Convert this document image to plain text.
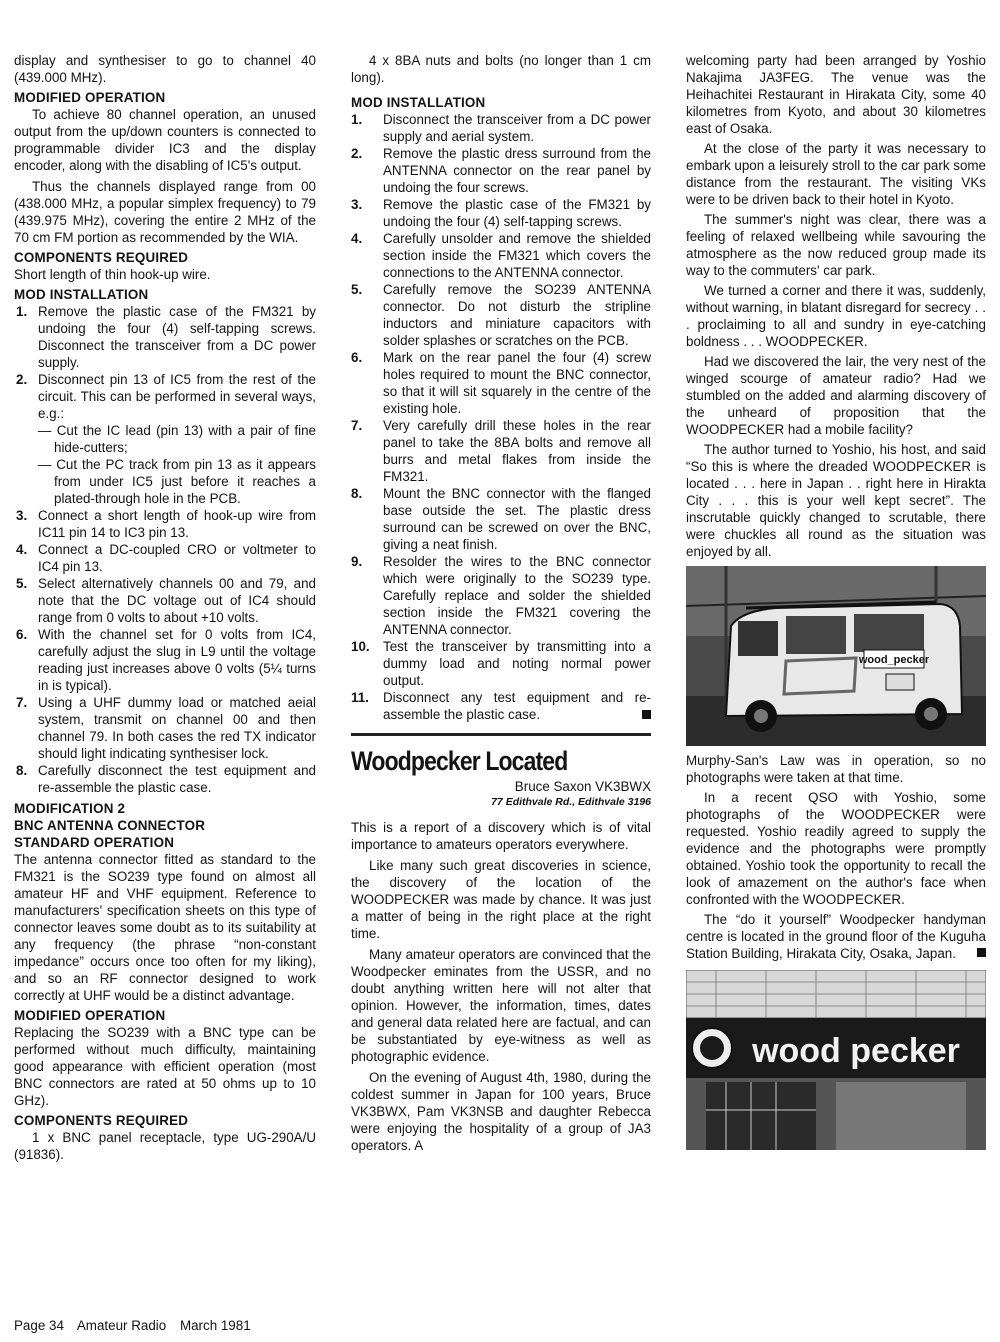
display and synthesiser to go to channel 40 (439.000 MHz).

MODIFIED OPERATION

To achieve 80 channel operation, an unused output from the up/down counters is connected to programmable divider IC3 and the display encoder, along with the disabling of IC5's output.

Thus the channels displayed range from 00 (438.000 MHz, a popular simplex frequency) to 79 (439.975 MHz), covering the entire 2 MHz of the 70 cm FM portion as recommended by the WIA.

COMPONENTS REQUIRED

Short length of thin hook-up wire.

MOD INSTALLATION
1. Remove the plastic case of the FM321 by undoing the four (4) self-tapping screws. Disconnect the transceiver from a DC power supply.
2. Disconnect pin 13 of IC5 from the rest of the circuit. This can be performed in several ways, e.g.:
— Cut the IC lead (pin 13) with a pair of fine hide-cutters;
— Cut the PC track from pin 13 as it appears from under IC5 just before it reaches a plated-through hole in the PCB.
3. Connect a short length of hook-up wire from IC11 pin 14 to IC3 pin 13.
4. Connect a DC-coupled CRO or voltmeter to IC4 pin 13.
5. Select alternatively channels 00 and 79, and note that the DC voltage out of IC4 should range from 0 volts to about +10 volts.
6. With the channel set for 0 volts from IC4, carefully adjust the slug in L9 until the voltage reading just increases above 0 volts (5¼ turns in is typical).
7. Using a UHF dummy load or matched aeial system, transmit on channel 00 and then channel 79. In both cases the red TX indicator should light indicating synthesiser lock.
8. Carefully disconnect the test equipment and re-assemble the plastic case.
MODIFICATION 2
BNC ANTENNA CONNECTOR
STANDARD OPERATION

The antenna connector fitted as standard to the FM321 is the SO239 type found on almost all amateur HF and VHF equipment. Reference to manufacturers' specification sheets on this type of connector leaves some doubt as to its suitability at any frequency (the phrase “non-constant impedance” occurs once too often for my liking), and so an RF connector designed to work correctly at UHF would be a distinct advantage.

MODIFIED OPERATION

Replacing the SO239 with a BNC type can be performed without much difficulty, maintaining good appearance with efficient operation (most BNC connectors are rated at 50 ohms up to 10 GHz).

COMPONENTS REQUIRED

1 x BNC panel receptacle, type UG-290A/U (91836).

4 x 8BA nuts and bolts (no longer than 1 cm long).

MOD INSTALLATION
1. Disconnect the transceiver from a DC power supply and aerial system.
2. Remove the plastic dress surround from the ANTENNA connector on the rear panel by undoing the four screws.
3. Remove the plastic case of the FM321 by undoing the four (4) self-tapping screws.
4. Carefully unsolder and remove the shielded section inside the FM321 which covers the connections to the ANTENNA connector.
5. Carefully remove the SO239 ANTENNA connector. Do not disturb the stripline inductors and miniature capacitors with solder splashes or scratches on the PCB.
6. Mark on the rear panel the four (4) screw holes required to mount the BNC connector, so that it will sit squarely in the centre of the existing hole.
7. Very carefully drill these holes in the rear panel to take the 8BA bolts and remove all burrs and metal flakes from inside the FM321.
8. Mount the BNC connector with the flanged base outside the set. The plastic dress surround can be screwed on over the BNC, giving a neat finish.
9. Resolder the wires to the BNC connector which were originally to the SO239 type. Carefully replace and solder the shielded section inside the FM321 covering the ANTENNA connector.
10. Test the transceiver by transmitting into a dummy load and noting normal power output.
11. Disconnect any test equipment and re-assemble the plastic case.
Woodpecker Located
Bruce Saxon VK3BWX
77 Edithvale Rd., Edithvale 3196

This is a report of a discovery which is of vital importance to amateurs operators everywhere.

Like many such great discoveries in science, the discovery of the location of the WOODPECKER was made by chance. It was just a matter of being in the right place at the right time.

Many amateur operators are convinced that the Woodpecker eminates from the USSR, and no doubt anything written here will not alter that opinion. However, the information, times, dates and general data related here are factual, and can be substantiated by eye-witness as well as photographic evidence.

On the evening of August 4th, 1980, during the coldest summer in Japan for 100 years, Bruce VK3BWX, Pam VK3NSB and daughter Rebecca were enjoying the hospitality of a group of JA3 operators. A

welcoming party had been arranged by Yoshio Nakajima JA3FEG. The venue was the Heihachitei Restaurant in Hirakata City, some 40 kilometres from Kyoto, and about 30 kilometres east of Osaka.

At the close of the party it was necessary to embark upon a leisurely stroll to the car park some distance from the restaurant. The visiting VKs were to be driven back to their hotel in Kyoto.

The summer's night was clear, there was a feeling of relaxed wellbeing while savouring the atmosphere as the now reduced group made its way to the commuters' car park.

We turned a corner and there it was, suddenly, without warning, in blatant disregard for secrecy . . . proclaiming to all and sundry in eye-catching boldness . . . WOODPECKER.

Had we discovered the lair, the very nest of the winged scourge of amateur radio? Had we stumbled on the added and alarming discovery of the unheard of proposition that the WOODPECKER had a mobile facility?

The author turned to Yoshio, his host, and said “So this is where the dreaded WOODPECKER is located . . . here in Japan . . right here in Hirakta City . . . this is your well kept secret”. The inscrutable quickly changed to scrutable, there were chuckles all round as the situation was enjoyed by all.

wood_pecker

Murphy-San's Law was in operation, so no photographs were taken at that time.

In a recent QSO with Yoshio, some photographs of the WOODPECKER were requested. Yoshio readily agreed to supply the evidence and the photographs were promptly obtained. Yoshio took the opportunity to recall the look of amazement on the author's face when confronted with the WOODPECKER.

The “do it yourself” Woodpecker handyman centre is located in the ground floor of the Kuguha Station Building, Hirakata City, Osaka, Japan.

wood pecker
Page 34 Amateur Radio March 1981
